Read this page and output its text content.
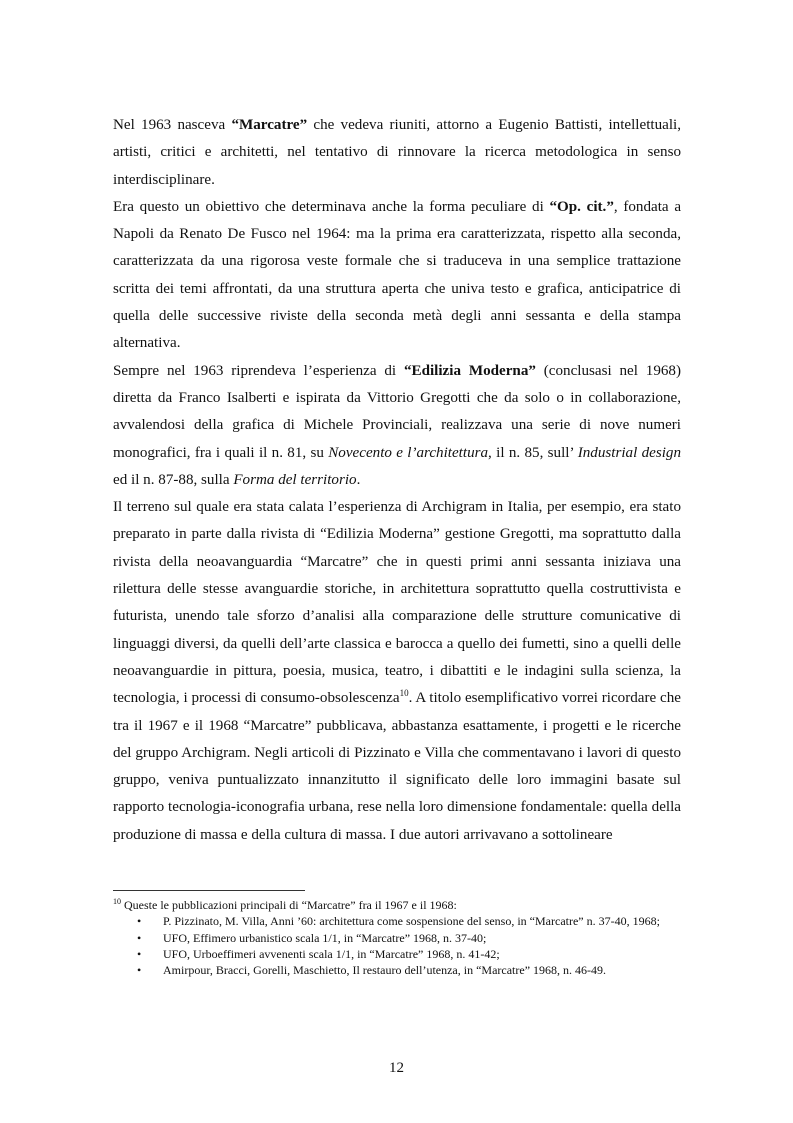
Nel 1963 nasceva “Marcatre” che vedeva riuniti, attorno a Eugenio Battisti, intellettuali, artisti, critici e architetti, nel tentativo di rinnovare la ricerca metodologica in senso interdisciplinare.

Era questo un obiettivo che determinava anche la forma peculiare di “Op. cit.”, fondata a Napoli da Renato De Fusco nel 1964: ma la prima era caratterizzata, rispetto alla seconda, caratterizzata da una rigorosa veste formale che si traduceva in una semplice trattazione scritta dei temi affrontati, da una struttura aperta che univa testo e grafica, anticipatrice di quella delle successive riviste della seconda metà degli anni sessanta e della stampa alternativa.

Sempre nel 1963 riprendeva l’esperienza di “Edilizia Moderna” (conclusasi nel 1968) diretta da Franco Isalberti e ispirata da Vittorio Gregotti che da solo o in collaborazione, avvalendosi della grafica di Michele Provinciali, realizzava una serie di nove numeri monografici, fra i quali il n. 81, su Novecento e l’architettura, il n. 85, sull’ Industrial design ed il n. 87-88, sulla Forma del territorio.

Il terreno sul quale era stata calata l’esperienza di Archigram in Italia, per esempio, era stato preparato in parte dalla rivista di “Edilizia Moderna” gestione Gregotti, ma soprattutto dalla rivista della neoavanguardia “Marcatre” che in questi primi anni sessanta iniziava una rilettura delle stesse avanguardie storiche, in architettura soprattutto quella costruttivista e futurista, unendo tale sforzo d’analisi alla comparazione delle strutture comunicative di linguaggi diversi, da quelli dell’arte classica e barocca a quello dei fumetti, sino a quelli delle neoavanguardie in pittura, poesia, musica, teatro, i dibattiti e le indagini sulla scienza, la tecnologia, i processi di consumo-obsolescenza$^{10}$. A titolo esemplificativo vorrei ricordare che tra il 1967 e il 1968 “Marcatre” pubblicava, abbastanza esattamente, i progetti e le ricerche del gruppo Archigram. Negli articoli di Pizzinato e Villa che commentavano i lavori di questo gruppo, veniva puntualizzato innanzitutto il significato delle loro immagini basate sul rapporto tecnologia-iconografia urbana, rese nella loro dimensione fondamentale: quella della produzione di massa e della cultura di massa. I due autori arrivavano a sottolineare

$^{10}$ Queste le pubblicazioni principali di “Marcatre” fra il 1967 e il 1968:

• P. Pizzinato, M. Villa, Anni ’60: architettura come sospensione del senso, in “Marcatre” n. 37-40, 1968;
• UFO, Effimero urbanistico scala 1/1, in “Marcatre” 1968, n. 37-40;
• UFO, Urboeffimeri avvenenti scala 1/1, in “Marcatre” 1968, n. 41-42;
• Amirpour, Bracci, Gorelli, Maschietto, Il restauro dell’utenza, in “Marcatre” 1968, n. 46-49.
12
